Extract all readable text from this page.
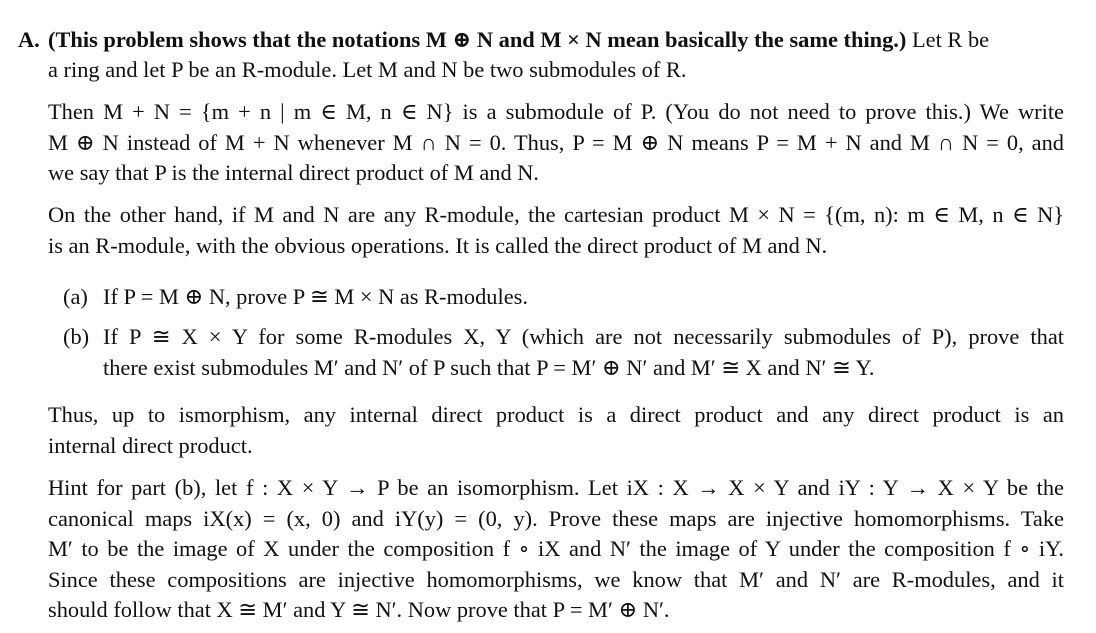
A. (This problem shows that the notations M ⊕ N and M × N mean basically the same thing.) Let R be
a ring and let P be an R-module. Let M and N be two submodules of R.
Then M + N = {m + n | m ∈ M, n ∈ N} is a submodule of P. (You do not need to prove this.) We write
M ⊕ N instead of M + N whenever M ∩ N = 0. Thus, P = M ⊕ N means P = M + N and M ∩ N = 0, and
we say that P is the internal direct product of M and N.
On the other hand, if M and N are any R-module, the cartesian product M × N = {(m, n): m ∈ M, n ∈ N}
is an R-module, with the obvious operations. It is called the direct product of M and N.
(a) If P = M ⊕ N, prove P ≅ M × N as R-modules.
(b) If P ≅ X × Y for some R-modules X, Y (which are not necessarily submodules of P), prove that
there exist submodules M′ and N′ of P such that P = M′ ⊕ N′ and M′ ≅ X and N′ ≅ Y.
Thus, up to ismorphism, any internal direct product is a direct product and any direct product is an
internal direct product.
Hint for part (b), let f : X × Y → P be an isomorphism. Let iX : X → X × Y and iY : Y → X × Y be the
canonical maps iX(x) = (x, 0) and iY(y) = (0, y). Prove these maps are injective homomorphisms. Take
M′ to be the image of X under the composition f ∘ iX and N′ the image of Y under the composition f ∘ iY.
Since these compositions are injective homomorphisms, we know that M′ and N′ are R-modules, and it
should follow that X ≅ M′ and Y ≅ N′. Now prove that P = M′ ⊕ N′.
